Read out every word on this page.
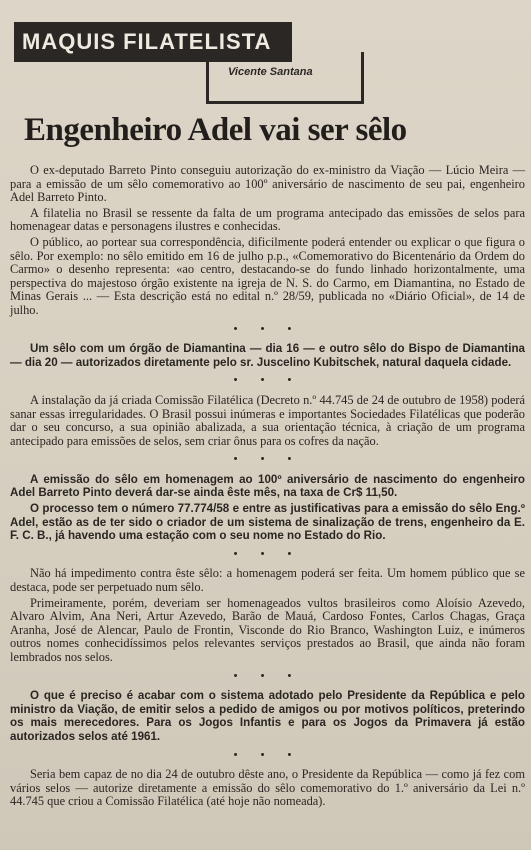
MAQUIS FILATELISTA
Vicente Santana
Engenheiro Adel vai ser sêlo

O ex-deputado Barreto Pinto conseguiu autorização do ex-ministro da Viação — Lúcio Meira — para a emissão de um sêlo comemorativo ao 100º aniversário de nascimento de seu pai, engenheiro Adel Barreto Pinto.

A filatelia no Brasil se ressente da falta de um programa antecipado das emissões de selos para homenagear datas e personagens ilustres e conhecidas.

O público, ao portear sua correspondência, dificilmente poderá entender ou explicar o que figura o sêlo. Por exemplo: no sêlo emitido em 16 de julho p.p., «Comemorativo do Bicentenário da Ordem do Carmo» o desenho representa: «ao centro, destacando-se do fundo linhado horizontalmente, uma perspectiva do majestoso órgão existente na igreja de N. S. do Carmo, em Diamantina, no Estado de Minas Gerais ... — Esta descrição está no edital n.º 28/59, publicada no «Diário Oficial», de 14 de julho.

• • •

Um sêlo com um órgão de Diamantina — dia 16 — e outro sêlo do Bispo de Diamantina — dia 20 — autorizados diretamente pelo sr. Juscelino Kubitschek, natural daquela cidade.

• • •

A instalação da já criada Comissão Filatélica (Decreto n.º 44.745 de 24 de outubro de 1958) poderá sanar essas irregularidades. O Brasil possui inúmeras e importantes Sociedades Filatélicas que poderão dar o seu concurso, a sua opinião abalizada, a sua orientação técnica, à criação de um programa antecipado para emissões de selos, sem criar ônus para os cofres da nação.

• • •

A emissão do sêlo em homenagem ao 100º aniversário de nascimento do engenheiro Adel Barreto Pinto deverá dar-se ainda êste mês, na taxa de Cr$ 11,50.

O processo tem o número 77.774/58 e entre as justificativas para a emissão do sêlo Eng.º Adel, estão as de ter sido o criador de um sistema de sinalização de trens, engenheiro da E. F. C. B., já havendo uma estação com o seu nome no Estado do Rio.

• • •

Não há impedimento contra êste sêlo: a homenagem poderá ser feita. Um homem público que se destaca, pode ser perpetuado num sêlo.

Primeiramente, porém, deveriam ser homenageados vultos brasileiros como Aloísio Azevedo, Alvaro Alvim, Ana Neri, Artur Azevedo, Barão de Mauá, Cardoso Fontes, Carlos Chagas, Graça Aranha, José de Alencar, Paulo de Frontin, Visconde do Rio Branco, Washington Luiz, e inúmeros outros nomes conhecidíssimos pelos relevantes serviços prestados ao Brasil, que ainda não foram lembrados nos selos.

• • •

O que é preciso é acabar com o sistema adotado pelo Presidente da República e pelo ministro da Viação, de emitir selos a pedido de amigos ou por motivos políticos, preterindo os mais merecedores. Para os Jogos Infantis e para os Jogos da Primavera já estão autorizados selos até 1961.

• • •

Seria bem capaz de no dia 24 de outubro dêste ano, o Presidente da República — como já fez com vários selos — autorize diretamente a emissão do sêlo comemorativo do 1.º aniversário da Lei n.º 44.745 que criou a Comissão Filatélica (até hoje não nomeada).
